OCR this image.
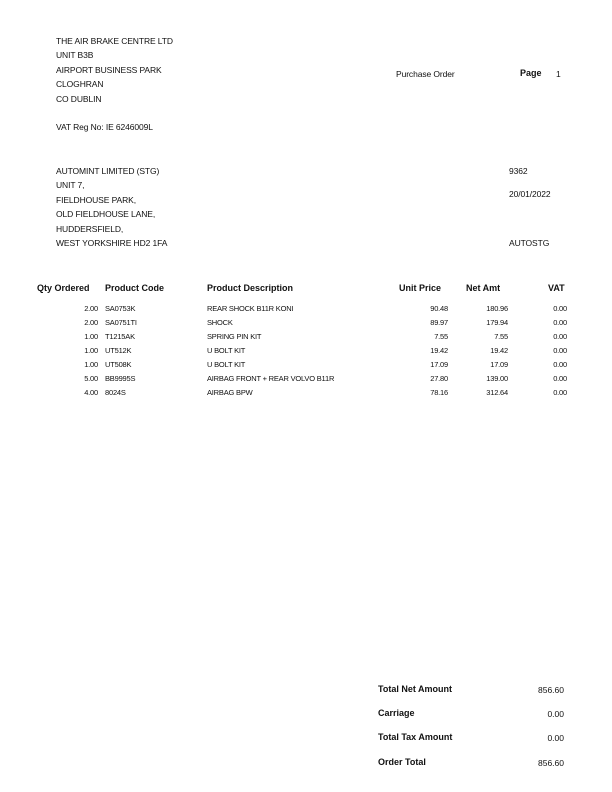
THE AIR BRAKE CENTRE LTD
UNIT B3B
AIRPORT BUSINESS PARK
CLOGHRAN
CO DUBLIN
VAT Reg No: IE 6246009L
Purchase Order	Page 1
AUTOMINT LIMITED (STG)
UNIT 7,
FIELDHOUSE PARK,
OLD FIELDHOUSE LANE,
HUDDERSFIELD,
WEST YORKSHIRE HD2 1FA
9362
20/01/2022
AUTOSTG
Qty Ordered Product Code	Product Description	Unit Price	Net Amt	VAT
2.00 SA0753K	REAR SHOCK B11R KONI	90.48	180.96	0.00
2.00 SA0751TI	SHOCK	89.97	179.94	0.00
1.00 T1215AK	SPRING PIN KIT	7.55	7.55	0.00
1.00 UT512K	U BOLT KIT	19.42	19.42	0.00
1.00 UT508K	U BOLT KIT	17.09	17.09	0.00
5.00 BB9995S	AIRBAG FRONT + REAR VOLVO B11R	27.80	139.00	0.00
4.00 8024S	AIRBAG BPW	78.16	312.64	0.00
Total Net Amount	856.60
Carriage	0.00
Total Tax Amount	0.00
Order Total	856.60
